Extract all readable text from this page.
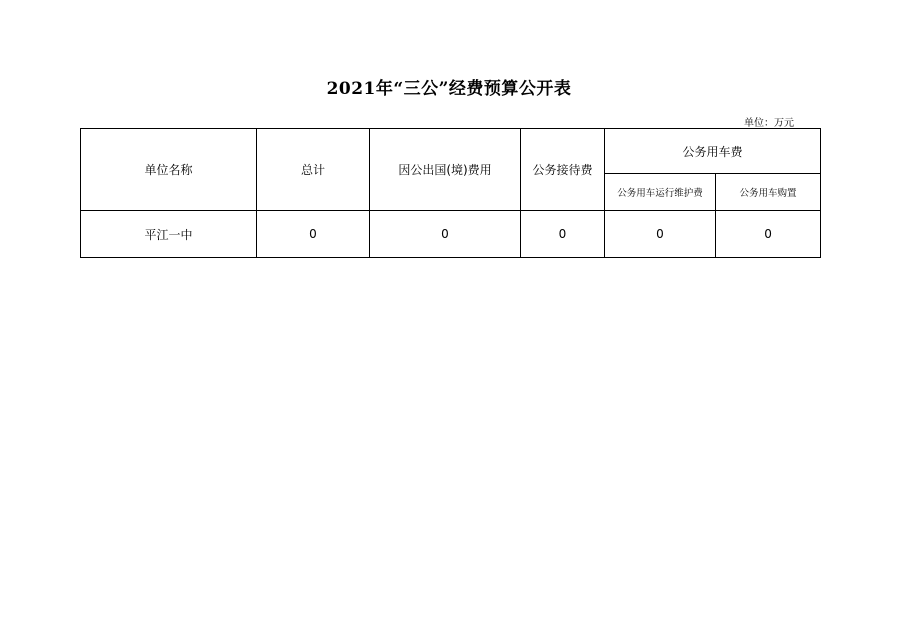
2021年“三公”经费预算公开表
单位：万元
单位名称	总计	因公出国(境)费用	公务接待费	公务用车费	
				公务用车运行维护费	公务用车购置
平江一中	0	0	0	0	0
